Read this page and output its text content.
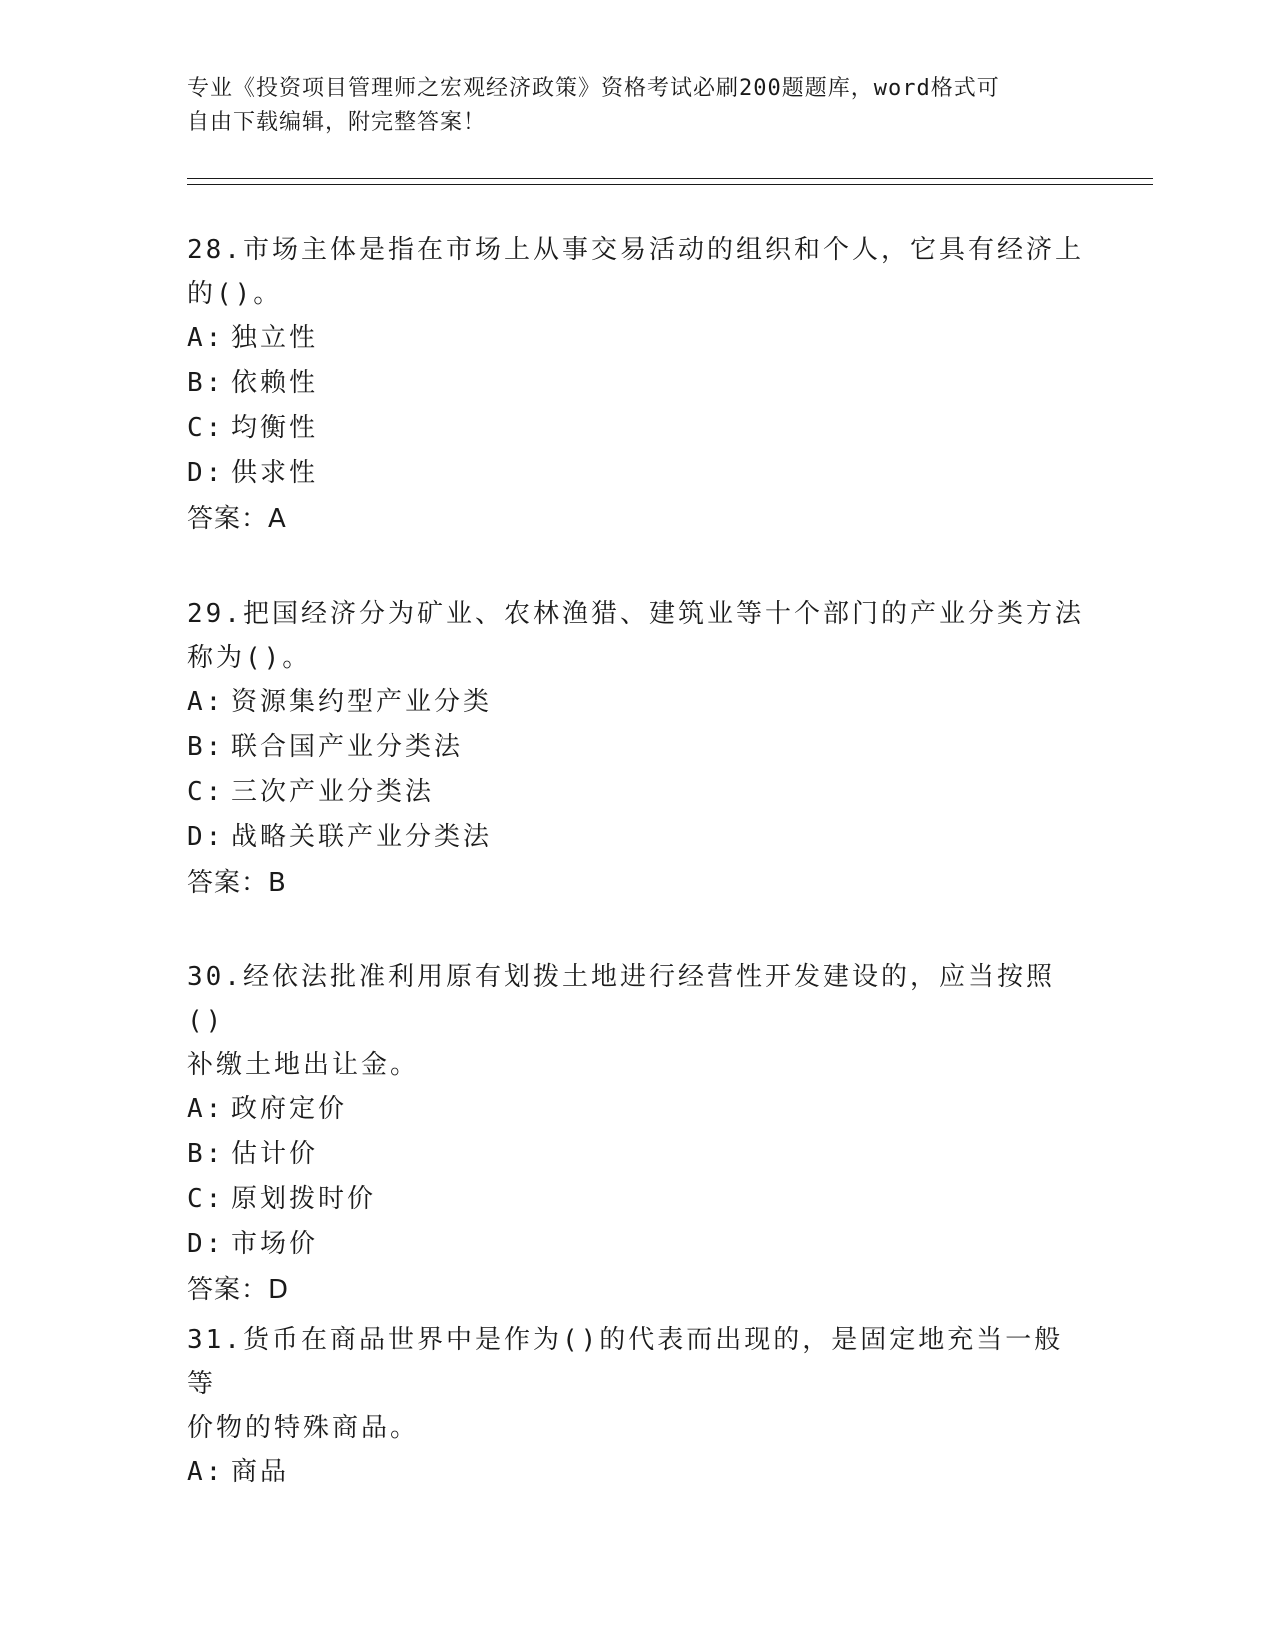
专业《投资项目管理师之宏观经济政策》资格考试必刷200题题库，word格式可
自由下载编辑，附完整答案！

28.市场主体是指在市场上从事交易活动的组织和个人，它具有经济上
的()。

A: 独立性
B: 依赖性
C: 均衡性
D: 供求性
答案：A

29.把国经济分为矿业、农林渔猎、建筑业等十个部门的产业分类方法
称为()。

A: 资源集约型产业分类
B: 联合国产业分类法
C: 三次产业分类法
D: 战略关联产业分类法
答案：B

30.经依法批准利用原有划拨土地进行经营性开发建设的，应当按照()
补缴土地出让金。

A: 政府定价
B: 估计价
C: 原划拨时价
D: 市场价
答案：D

31.货币在商品世界中是作为()的代表而出现的，是固定地充当一般等
价物的特殊商品。

A: 商品
